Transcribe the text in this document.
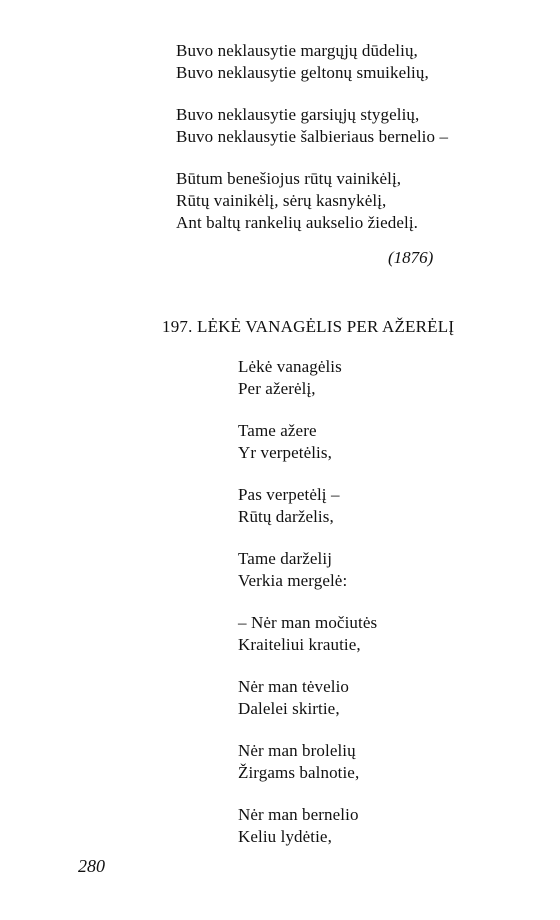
Buvo neklausytie margųjų dūdelių,
Buvo neklausytie geltonų smuikelių,
Buvo neklausytie garsiųjų stygelių,
Buvo neklausytie šalbieriaus bernelio –
Būtum benešiojus rūtų vainikėlį,
Rūtų vainikėlį, sėrų kasnykėlį,
Ant baltų rankelių aukselio žiedelį.
(1876)
197. LĖKĖ VANAGĖLIS PER AŽERĖLĮ
Lėkė vanagėlis
Per ažerėlį,
Tame ažere
Yr verpetėlis,
Pas verpetėlį –
Rūtų darželis,
Tame darželij
Verkia mergelė:
– Nėr man močiutės
Kraiteliui krautie,
Nėr man tėvelio
Dalelei skirtie,
Nėr man brolelių
Žirgams balnotie,
Nėr man bernelio
Keliu lydėtie,
280
